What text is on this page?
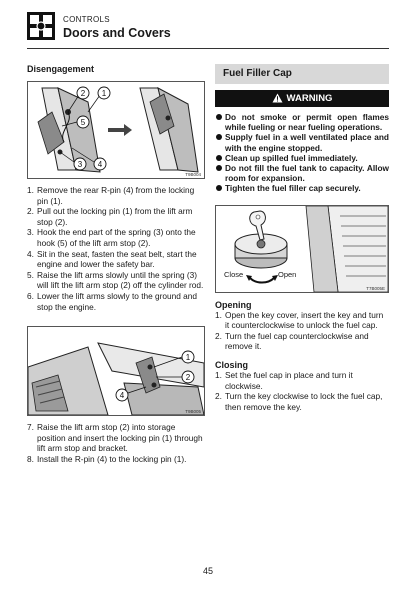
CONTROLS
Doors and Covers

Disengagement

2 1
5
3 4
T9B004
1. Remove the rear R-pin (4) from the locking pin (1).
2. Pull out the locking pin (1) from the lift arm stop (2).
3. Hook the end part of the spring (3) onto the hook (5) of the lift arm stop (2).
4. Sit in the seat, fasten the seat belt, start the engine and lower the safety bar.
5. Raise the lift arms slowly until the spring (3) will lift the lift arm stop (2) off the cylinder rod.
6. Lower the lift arms slowly to the ground and stop the engine.
1
2
4
T9B005
7. Raise the lift arm stop (2) into storage position and insert the locking pin (1) through lift arm stop and bracket.
8. Install the R-pin (4) to the locking pin (1).
Fuel Filler Cap
WARNING
Do not smoke or permit open flames while fueling or near fueling operations.
Supply fuel in a well ventilated place and with the engine stopped.
Clean up spilled fuel immediately.
Do not fill the fuel tank to capacity. Allow room for expansion.
Tighten the fuel filler cap securely.
Close	Open
T7B005E

Opening

1. Open the key cover, insert the key and turn it counterclockwise to unlock the fuel cap.
2. Turn the fuel cap counterclockwise and remove it.

Closing

1. Set the fuel cap in place and turn it clockwise.
2. Turn the key clockwise to lock the fuel cap, then remove the key.
45
